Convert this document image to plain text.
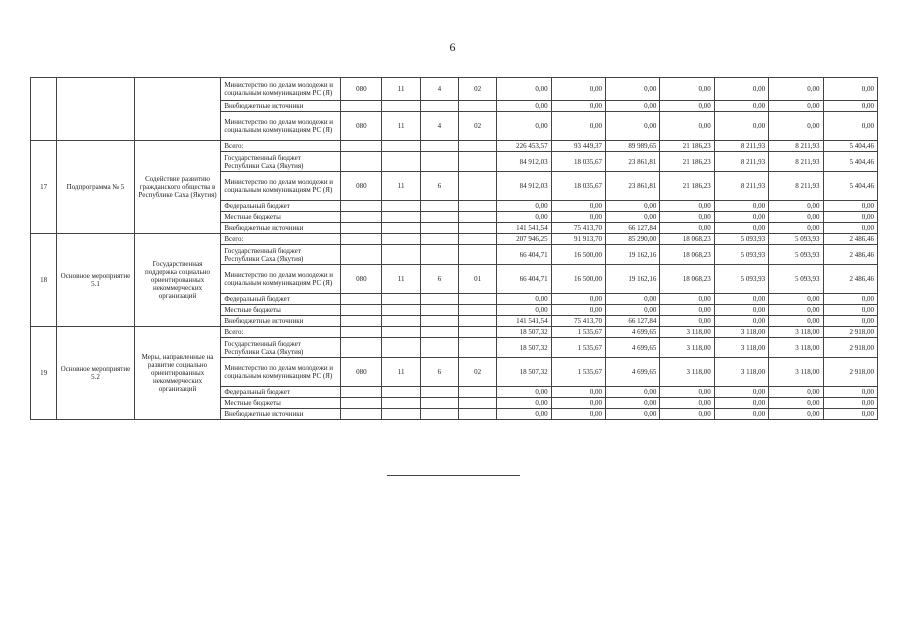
6
			Министерство по делам молодежи и социальным коммуникациям РС (Я)	080	11	4	02	0,00	0,00	0,00	0,00	0,00	0,00	0,00
			Внебюджетные источники					0,00	0,00	0,00	0,00	0,00	0,00	0,00
			Министерство по делам молодежи и социальным коммуникациям РС (Я)	080	11	4	02	0,00	0,00	0,00	0,00	0,00	0,00	0,00
17	Подпрограмма № 5	Содействие развитию гражданского общества в Республике Саха (Якутия)	Всего:					226 453,57	93 449,37	89 989,65	21 186,23	8 211,93	8 211,93	5 404,46
			Государственный бюджет Республики Саха (Якутия)					84 912,03	18 035,67	23 861,81	21 186,23	8 211,93	8 211,93	5 404,46
			Министерство по делам молодежи и социальным коммуникациям РС (Я)	080	11	6		84 912,03	18 035,67	23 861,81	21 186,23	8 211,93	8 211,93	5 404,46
			Федеральный бюджет					0,00	0,00	0,00	0,00	0,00	0,00	0,00
			Местные бюджеты					0,00	0,00	0,00	0,00	0,00	0,00	0,00
			Внебюджетные источники					141 541,54	75 413,70	66 127,84	0,00	0,00	0,00	0,00
18	Основное мероприятие 5.1	Государственная поддержка социально ориентированных некоммерческих организаций	Всего:					207 946,25	91 913,70	85 290,00	18 068,23	5 093,93	5 093,93	2 486,46
			Государственный бюджет Республики Саха (Якутия)					66 404,71	16 500,00	19 162,16	18 068,23	5 093,93	5 093,93	2 486,46
			Министерство по делам молодежи и социальным коммуникациям РС (Я)	080	11	6	01	66 404,71	16 500,00	19 162,16	18 068,23	5 093,93	5 093,93	2 486,46
			Федеральный бюджет					0,00	0,00	0,00	0,00	0,00	0,00	0,00
			Местные бюджеты					0,00	0,00	0,00	0,00	0,00	0,00	0,00
			Внебюджетные источники					141 541,54	75 413,70	66 127,84	0,00	0,00	0,00	0,00
19	Основное мероприятие 5.2	Меры, направленные на развитие социально ориентированных некоммерческих организаций	Всего:					18 507,32	1 535,67	4 699,65	3 118,00	3 118,00	3 118,00	2 918,00
			Государственный бюджет Республики Саха (Якутия)					18 507,32	1 535,67	4 699,65	3 118,00	3 118,00	3 118,00	2 918,00
			Министерство по делам молодежи и социальным коммуникациям РС (Я)	080	11	6	02	18 507,32	1 535,67	4 699,65	3 118,00	3 118,00	3 118,00	2 918,00
			Федеральный бюджет					0,00	0,00	0,00	0,00	0,00	0,00	0,00
			Местные бюджеты					0,00	0,00	0,00	0,00	0,00	0,00	0,00
			Внебюджетные источники					0,00	0,00	0,00	0,00	0,00	0,00	0,00
